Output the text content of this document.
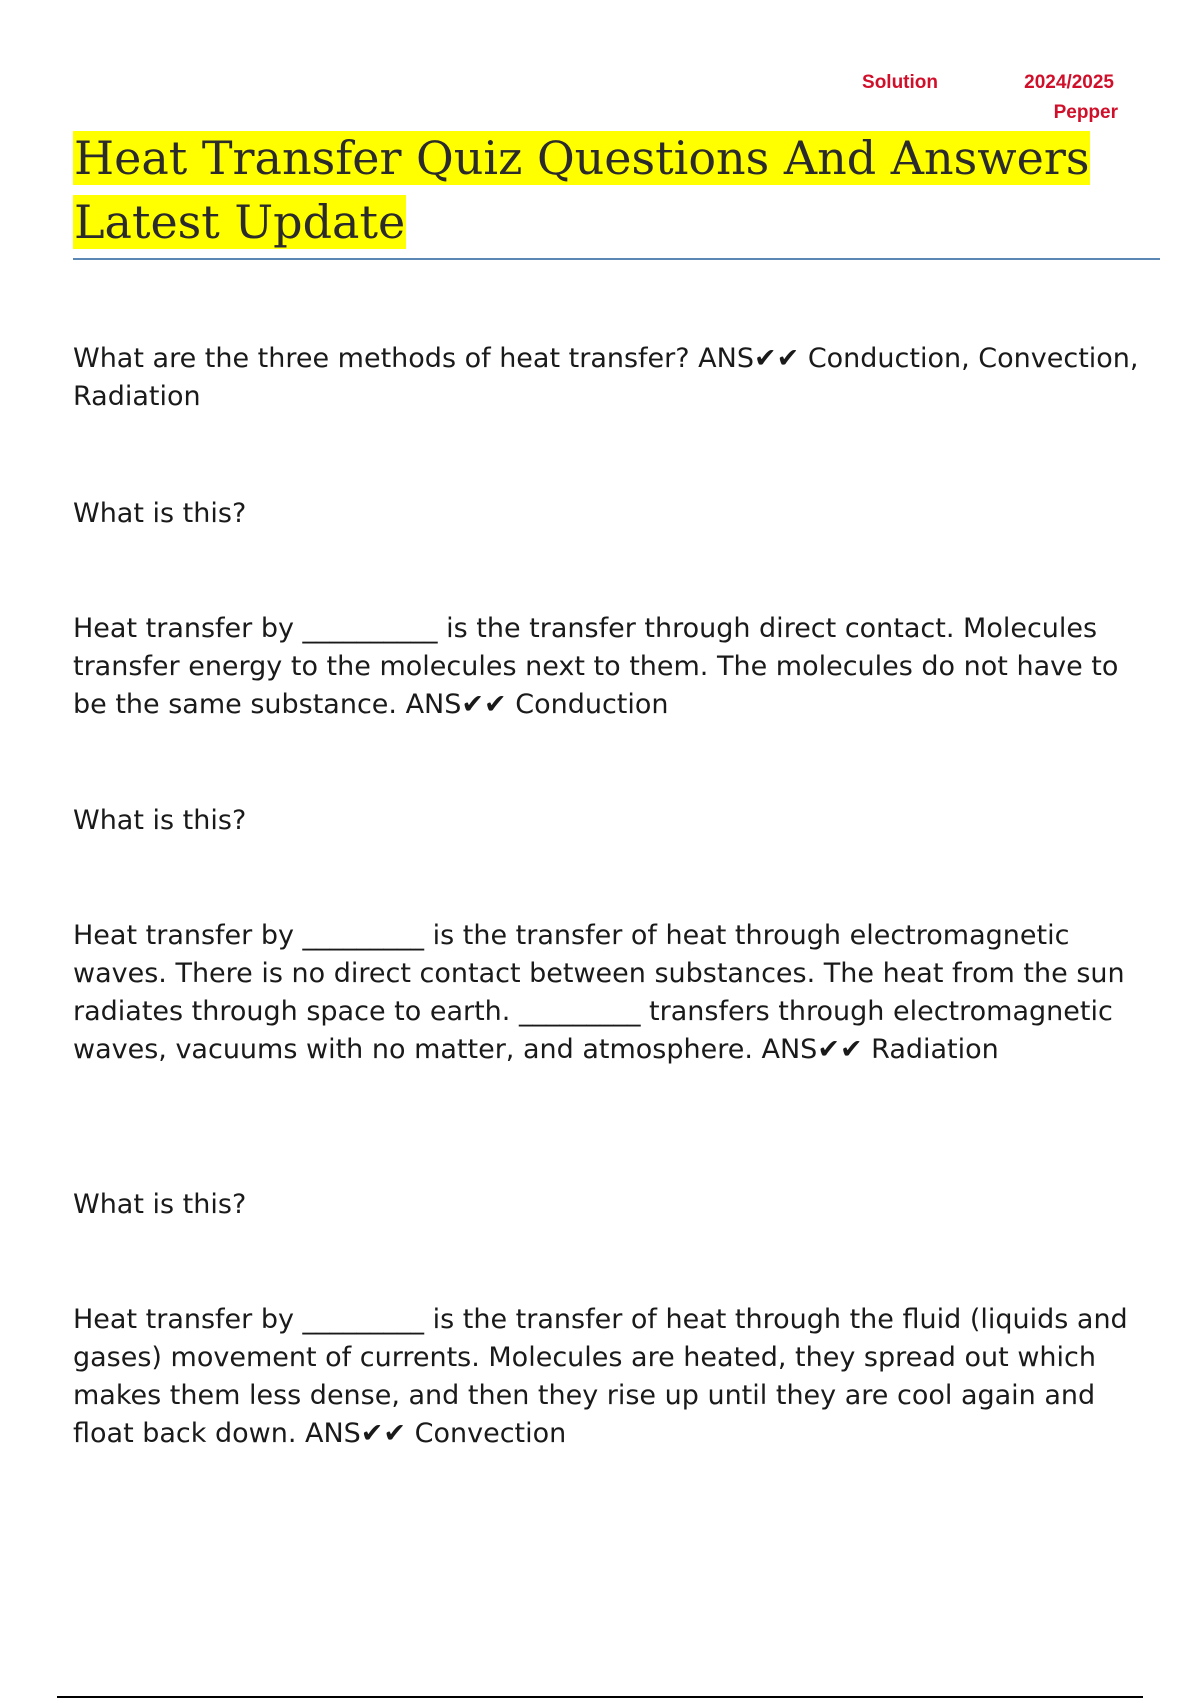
Solution	2024/2025
Pepper
Heat Transfer Quiz Questions And Answers
Latest Update

What are the three methods of heat transfer? ANS✔✔ Conduction, Convection, Radiation

What is this?

Heat transfer by __________ is the transfer through direct contact. Molecules transfer energy to the molecules next to them. The molecules do not have to be the same substance. ANS✔✔ Conduction

What is this?

Heat transfer by _________ is the transfer of heat through electromagnetic waves. There is no direct contact between substances. The heat from the sun radiates through space to earth. _________ transfers through electromagnetic waves, vacuums with no matter, and atmosphere. ANS✔✔ Radiation

What is this?

Heat transfer by _________ is the transfer of heat through the fluid (liquids and gases) movement of currents. Molecules are heated, they spread out which makes them less dense, and then they rise up until they are cool again and float back down. ANS✔✔ Convection
